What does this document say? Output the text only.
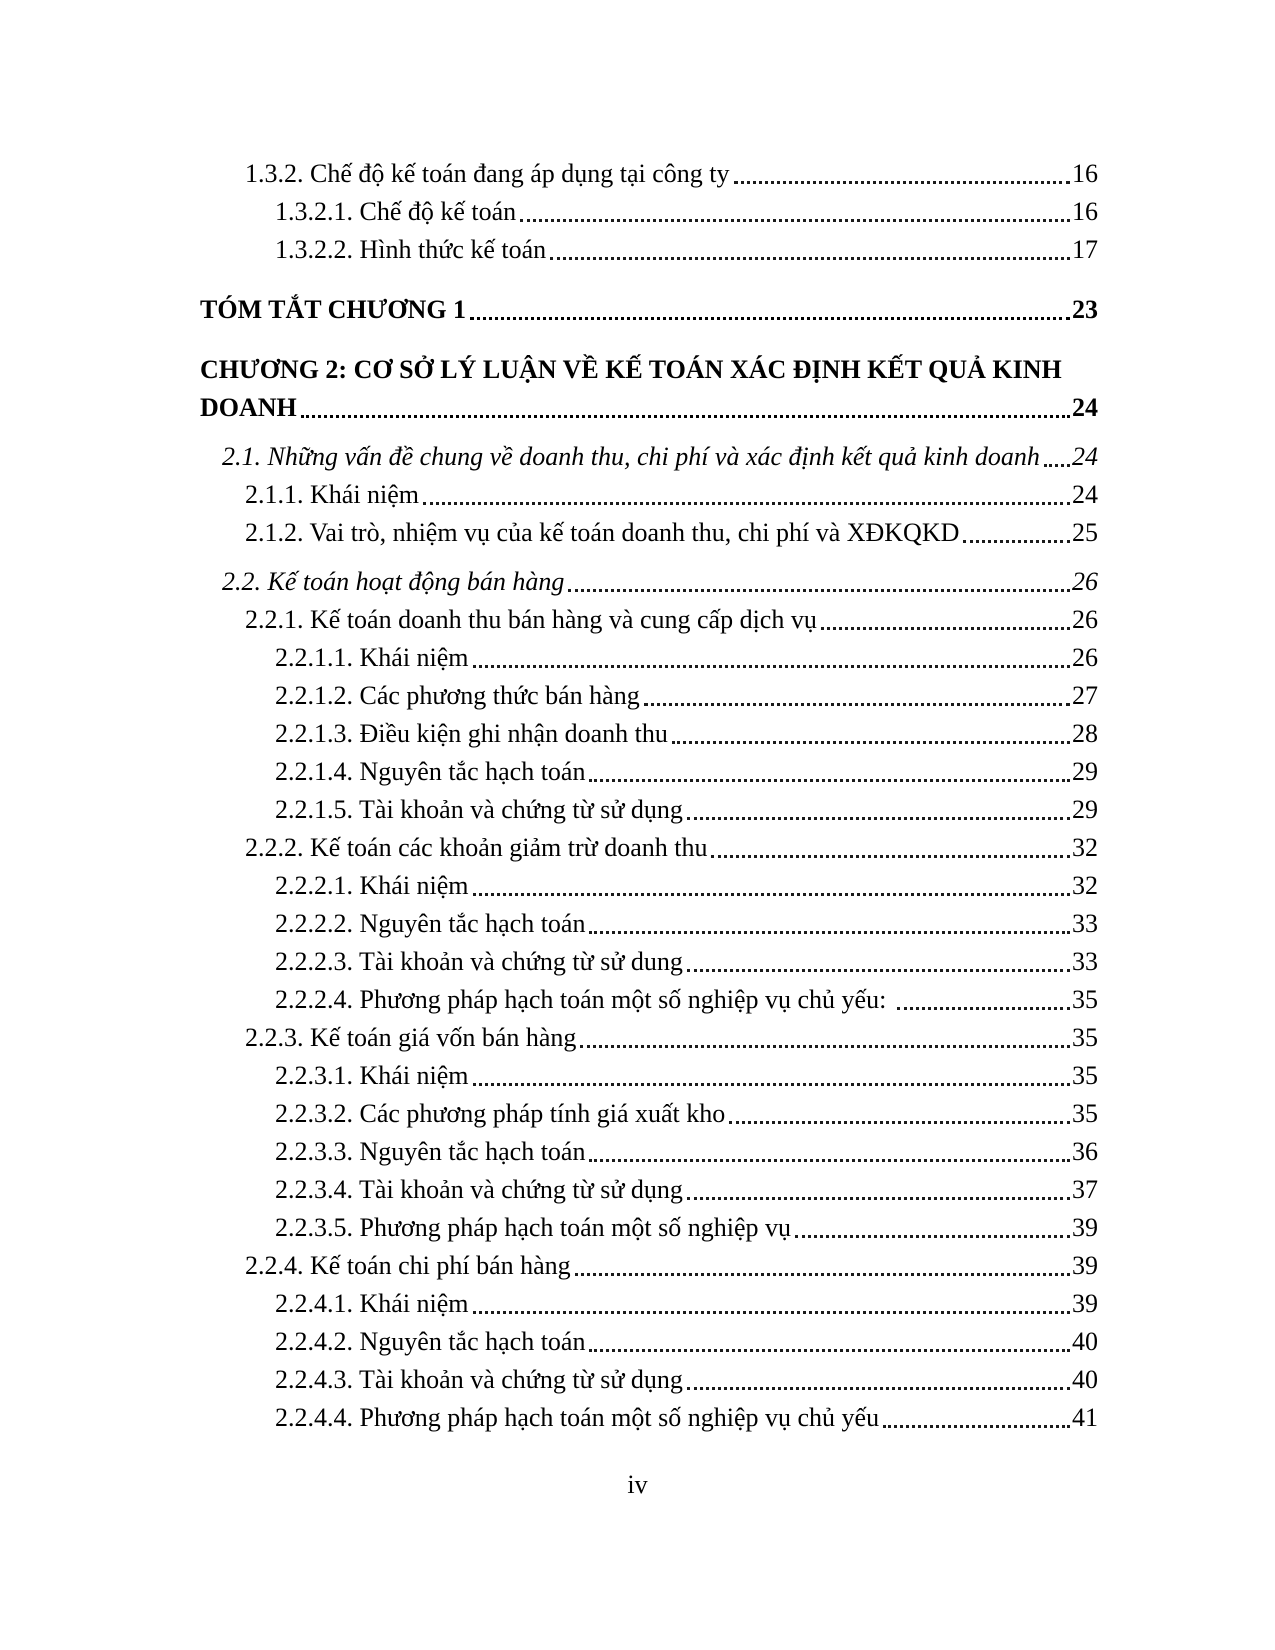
1.3.2. Chế độ kế toán đang áp dụng tại công ty	16
1.3.2.1. Chế độ kế toán	16
1.3.2.2. Hình thức kế toán	17
TÓM TẮT CHƯƠNG 1	23
CHƯƠNG 2: CƠ SỞ LÝ LUẬN VỀ KẾ TOÁN XÁC ĐỊNH KẾT QUẢ KINH
DOANH	24
2.1. Những vấn đề chung về doanh thu, chi phí và xác định kết quả kinh doanh 24
2.1.1. Khái niệm	24
2.1.2. Vai trò, nhiệm vụ của kế toán doanh thu, chi phí và XĐKQKD	25
2.2. Kế toán hoạt động bán hàng	26
2.2.1. Kế toán doanh thu bán hàng và cung cấp dịch vụ	26
2.2.1.1. Khái niệm	26
2.2.1.2. Các phương thức bán hàng	27
2.2.1.3. Điều kiện ghi nhận doanh thu	28
2.2.1.4. Nguyên tắc hạch toán	29
2.2.1.5. Tài khoản và chứng từ sử dụng	29
2.2.2. Kế toán các khoản giảm trừ doanh thu	32
2.2.2.1. Khái niệm	32
2.2.2.2. Nguyên tắc hạch toán	33
2.2.2.3. Tài khoản và chứng từ sử dung	33
2.2.2.4. Phương pháp hạch toán một số nghiệp vụ chủ yếu:	35
2.2.3. Kế toán giá vốn bán hàng	35
2.2.3.1. Khái niệm	35
2.2.3.2. Các phương pháp tính giá xuất kho	35
2.2.3.3. Nguyên tắc hạch toán	36
2.2.3.4. Tài khoản và chứng từ sử dụng	37
2.2.3.5. Phương pháp hạch toán một số nghiệp vụ	39
2.2.4. Kế toán chi phí bán hàng	39
2.2.4.1. Khái niệm	39
2.2.4.2. Nguyên tắc hạch toán	40
2.2.4.3. Tài khoản và chứng từ sử dụng	40
2.2.4.4. Phương pháp hạch toán một số nghiệp vụ chủ yếu	41
iv
